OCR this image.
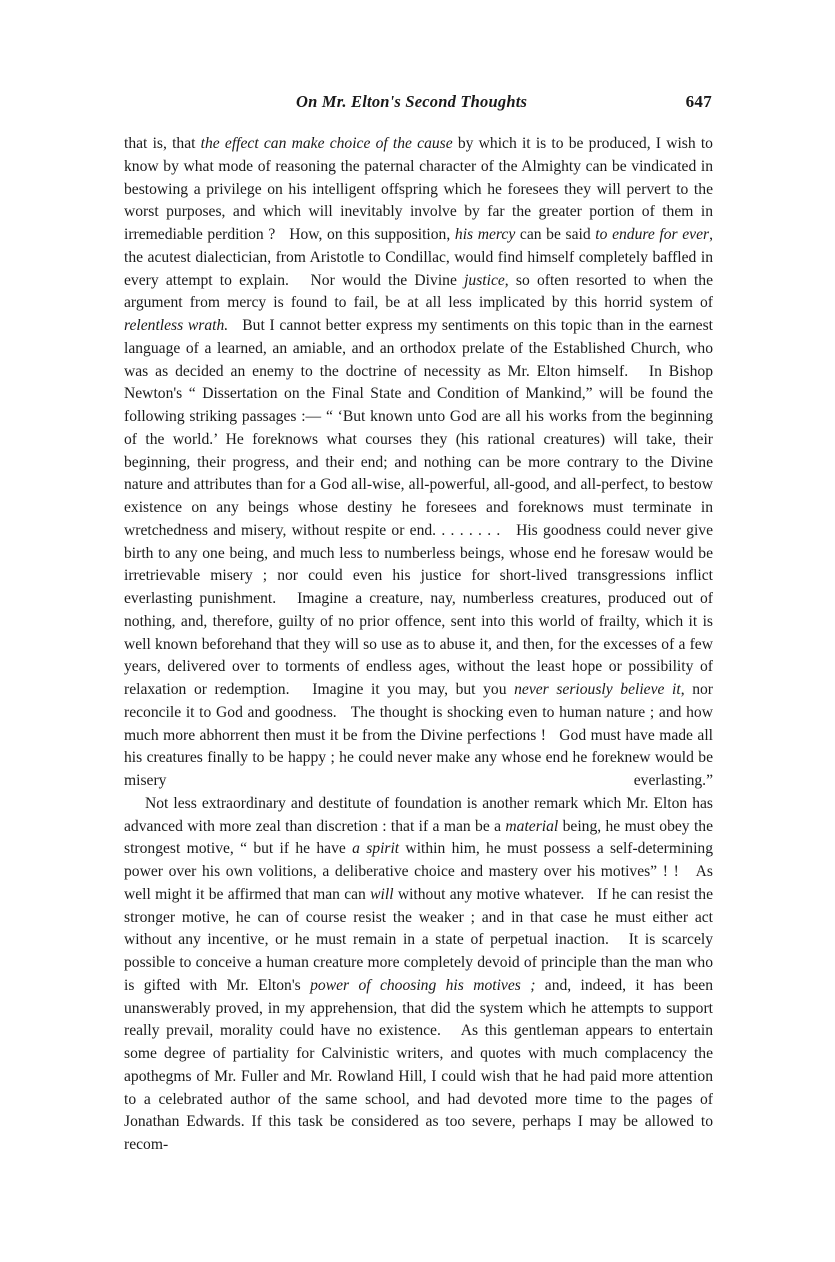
On Mr. Elton's Second Thoughts	647

that is, that the effect can make choice of the cause by which it is to be produced, I wish to know by what mode of reasoning the paternal character of the Almighty can be vindicated in bestowing a privilege on his intelligent offspring which he foresees they will pervert to the worst purposes, and which will inevitably involve by far the greater portion of them in irremediable perdition ?   How, on this supposition, his mercy can be said to endure for ever, the acutest dialectician, from Aristotle to Condillac, would find himself completely baffled in every attempt to explain.   Nor would the Divine justice, so often resorted to when the argument from mercy is found to fail, be at all less implicated by this horrid system of relentless wrath.   But I cannot better express my sentiments on this topic than in the earnest language of a learned, an amiable, and an orthodox prelate of the Established Church, who was as decided an enemy to the doctrine of necessity as Mr. Elton himself.   In Bishop Newton's “ Dissertation on the Final State and Condition of Mankind,” will be found the following striking passages :— “ ‘But known unto God are all his works from the beginning of the world.’ He foreknows what courses they (his rational creatures) will take, their beginning, their progress, and their end; and nothing can be more contrary to the Divine nature and attributes than for a God all-wise, all-powerful, all-good, and all-perfect, to bestow existence on any beings whose destiny he foresees and foreknows must terminate in wretchedness and misery, without respite or end. . . . . . . .   His goodness could never give birth to any one being, and much less to numberless beings, whose end he foresaw would be irretrievable misery ; nor could even his justice for short-lived transgressions inflict everlasting punishment.   Imagine a creature, nay, numberless creatures, produced out of nothing, and, therefore, guilty of no prior offence, sent into this world of frailty, which it is well known beforehand that they will so use as to abuse it, and then, for the excesses of a few years, delivered over to torments of endless ages, without the least hope or possibility of relaxation or redemption.   Imagine it you may, but you never seriously believe it, nor reconcile it to God and goodness.   The thought is shocking even to human nature ; and how much more abhorrent then must it be from the Divine perfections !   God must have made all his creatures finally to be happy ; he could never make any whose end he foreknew would be misery everlasting.”

Not less extraordinary and destitute of foundation is another remark which Mr. Elton has advanced with more zeal than discretion : that if a man be a material being, he must obey the strongest motive, “ but if he have a spirit within him, he must possess a self-determining power over his own volitions, a deliberative choice and mastery over his motives” ! !   As well might it be affirmed that man can will without any motive whatever.   If he can resist the stronger motive, he can of course resist the weaker ; and in that case he must either act without any incentive, or he must remain in a state of perpetual inaction.   It is scarcely possible to conceive a human creature more completely devoid of principle than the man who is gifted with Mr. Elton's power of choosing his motives ; and, indeed, it has been unanswerably proved, in my apprehension, that did the system which he attempts to support really prevail, morality could have no existence.   As this gentleman appears to entertain some degree of partiality for Calvinistic writers, and quotes with much complacency the apothegms of Mr. Fuller and Mr. Rowland Hill, I could wish that he had paid more attention to a celebrated author of the same school, and had devoted more time to the pages of Jonathan Edwards. If this task be considered as too severe, perhaps I may be allowed to recom-
